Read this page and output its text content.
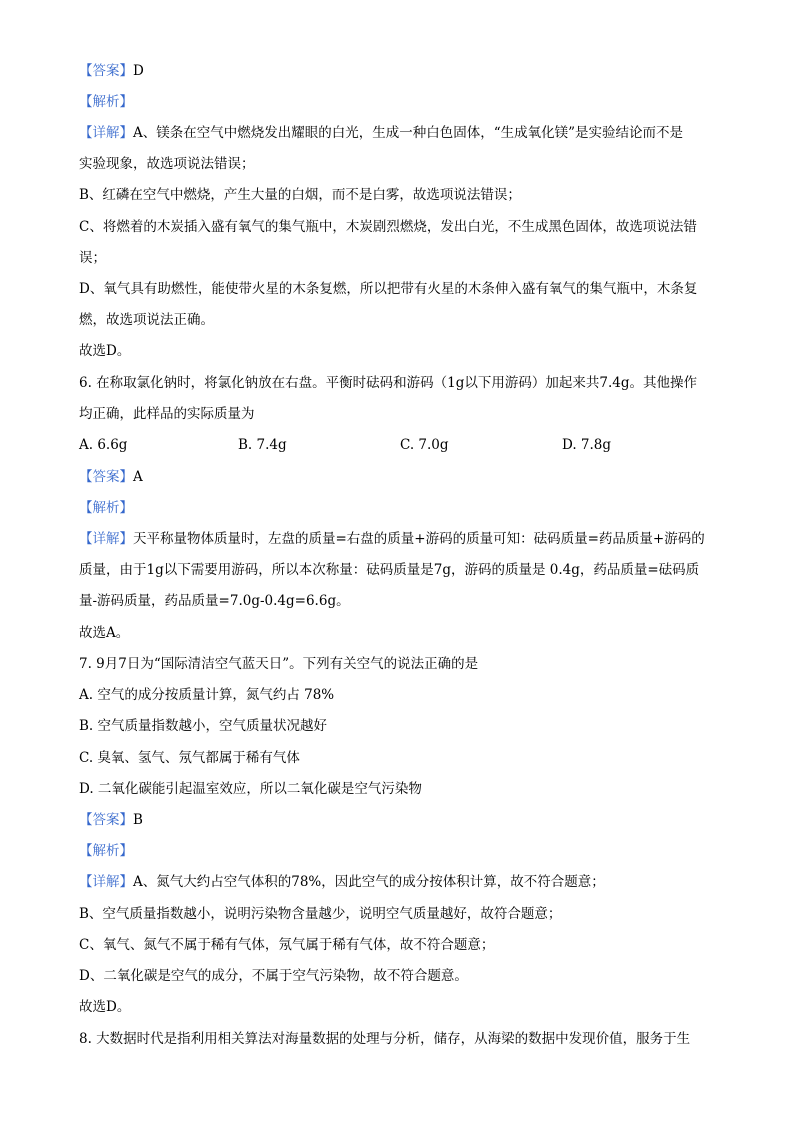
【答案】D
【解析】
【详解】A、镁条在空气中燃烧发出耀眼的白光，生成一种白色固体，“生成氧化镁”是实验结论而不是
实验现象，故选项说法错误；
B、红磷在空气中燃烧，产生大量的白烟，而不是白雾，故选项说法错误；
C、将燃着的木炭插入盛有氧气的集气瓶中，木炭剧烈燃烧，发出白光，不生成黑色固体，故选项说法错
误；
D、氧气具有助燃性，能使带火星的木条复燃，所以把带有火星的木条伸入盛有氧气的集气瓶中，木条复
燃，故选项说法正确。
故选D。
6. 在称取氯化钠时，将氯化钠放在右盘。平衡时砝码和游码（1g以下用游码）加起来共7.4g。其他操作
均正确，此样品的实际质量为
A. 6.6g	B. 7.4g	C. 7.0g	D. 7.8g
【答案】A
【解析】
【详解】天平称量物体质量时，左盘的质量=右盘的质量+游码的质量可知：砝码质量=药品质量+游码的
质量，由于1g以下需要用游码，所以本次称量：砝码质量是7g，游码的质量是 0.4g，药品质量=砝码质
量-游码质量，药品质量=7.0g-0.4g=6.6g。
故选A。
7. 9月7日为“国际清洁空气蓝天日”。下列有关空气的说法正确的是
A. 空气的成分按质量计算，氮气约占 78%
B. 空气质量指数越小，空气质量状况越好
C. 臭氧、氢气、氖气都属于稀有气体
D. 二氧化碳能引起温室效应，所以二氧化碳是空气污染物
【答案】B
【解析】
【详解】A、氮气大约占空气体积的78%，因此空气的成分按体积计算，故不符合题意；
B、空气质量指数越小，说明污染物含量越少，说明空气质量越好，故符合题意；
C、氧气、氮气不属于稀有气体，氖气属于稀有气体，故不符合题意；
D、二氧化碳是空气的成分，不属于空气污染物，故不符合题意。
故选D。
8. 大数据时代是指利用相关算法对海量数据的处理与分析，储存，从海梁的数据中发现价值，服务于生
